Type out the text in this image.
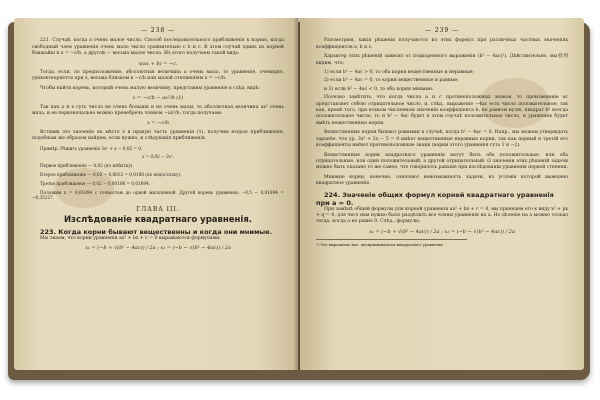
— 238 —

221. Случай, когда a очень малое число. Способ последовательного приближенія к корню, когда свободный член уравненія очень мало число сравнительно с b и c. В этом случай одинь из корней ближайш к x = −c/b, а другой — весьма малое число. Из этого получаем такой видь:

x(ax + b) = −c.

Тогда, если, по предположенію, абсолютная величина a очень мала, то уравненіе, очевидно, удовлетворяется при x, весьма близком к −c/b или малой отношеніем x = −c/b.

Чтобы найти корень, который очень малую величину, представим уравненіе в слѣд. видѣ:

x = −c/b − ax²/b (1)

Так как a и x суть числа не очень большія и не очень малы, то абсолютная величина ax² очень мала, и ее первоначально можно пренебречь членом −ax²/b; тогда получаем:

x = −c/b

Вставив это значеніе на мѣсто x в правую часть уравненія (1), получим второе приближеніе; подобным же образом найдем, если нужно, и слѣдующія приближенія.

Примѣр. Рѣшить уравненіе 3x² + x − 0,02 = 0.

x = 0,02 − 3x².

Первое приближеніе — 0,02 (по избытку).

Второе приближеніе — 0,02 − 0,0012 = 0,0188 (по недостатку).

Третье приближеніе — 0,02 − 0,00106 = 0,01894.

Положим x = 0,01894 с точностью до одной милліонной. Другой корень уравненія: −0,5 − 0,01894 = −0,35227.

ГЛАВА III.
Изслѣдованіе квадратнаго уравненія.
223. Когда корни бывают вещественны и когда они мнимые.

Мы знаем, что корни уравненія ax² + bx + c = 0 выражаются формулами:

x₁ = (−b + √(b² − 4ac)) / 2a ; x₂ = (−b − √(b² − 4ac)) / 2a
— 239 —

Разсмотрим, какія рѣшенія получаются из этих формул при различных частных значеніях коэффиціентов a, b и c.

Характер этих рѣшеній зависит от подкоренного выраженія (b² − 4ac)¹). Дѣйствительно, мы找到 видим, что:

1) если b² − 4ac > 0, то оба корня вещественные и неравные;

2) если b² − 4ac = 0, то корни вещественные и равные;

и 3) если b² − 4ac < 0, то оба корня мнимые.

Полезно замѣтить, что когда числа a и c противоположных знаков, то произведеніе ac представляет собою отрицательное число, и, слѣд., выраженіе −4ac есть число положительное; так как, кромѣ того, при всяком численном значеніи коэффиціента b, не равном нулю, квадрат b² всегда положительное число, то и b² − 4ac будет в этом случаѣ положительное число, и уравненіе будет имѣть вещественные корни.

Вещественные корни бывают равными в случаѣ, когда b² − 4ac = 0. Напр., мы можем утверждать заранѣе, что ур. 3x² + 2x − 5 = 0 имѣет вещественные неравные корни, так как первый и третій его коэффиціенты имѣют противоположные знаки (корни этого уравненія суть 1 и −2).

Вещественные корни квадратнаго уравненія могут быть оба положительные, или оба отрицательные, или один положительный, а другой отрицательный. О значеніи этих рѣшеній задачи можно быть сказано то же самое, что говорилось раньше при изслѣдованіи уравненія первой степени.

Мнимые корни, конечно, означают невозможность задачи, из условія которой выведено квадратное уравненіе.

224. Значеніе общих формул корней квадратнаго уравненія при a = 0.

При замѣнѣ общей формулы для корней уравненія ax² + bx + c = 0, мы приведем его к виду x² + px + q = 0, для чего нам нужно было раздѣлить все члены уравненія на a. Но дѣленіе на a можно только тогда, когда a не равно 0. Слѣд., формулы:

x₁ = (−b + √(b² − 4ac)) / 2a ; x₂ = (−b − √(b² − 4ac)) / 2a
¹) Это выраженіе наз. дискриминантом квадратнаго уравненія.
